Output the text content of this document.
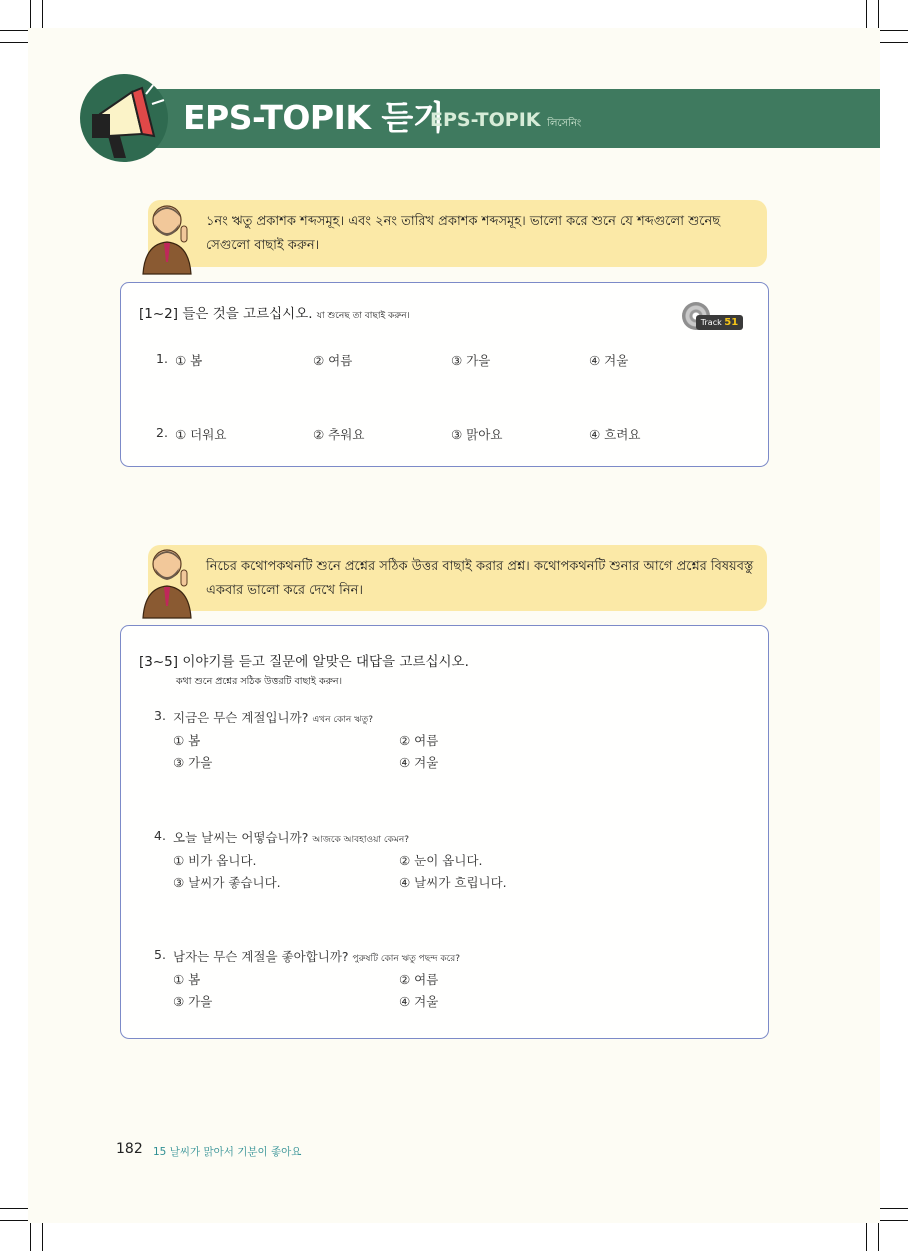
EPS-TOPIK 듣기
EPS-TOPIK লিসেনিং
১নং ঋতু প্রকাশক শব্দসমূহ। এবং ২নং তারিখ প্রকাশক শব্দসমূহ। ভালো করে শুনে যে শব্দগুলো শুনেছ সেগুলো বাছাই করুন।
[1~2] 들은 것을 고르십시오. যা শুনেছ তা বাছাই করুন।
Track 51
1. ① 봄	② 여름	③ 가을	④ 겨울
2. ① 더워요	② 추워요	③ 맑아요	④ 흐려요
নিচের কথোপকথনটি শুনে প্রশ্নের সঠিক উত্তর বাছাই করার প্রশ্ন। কথোপকথনটি শুনার আগে প্রশ্নের বিষয়বস্তু একবার ভালো করে দেখে নিন।
[3~5] 이야기를 듣고 질문에 알맞은 대답을 고르십시오.
কথা শুনে প্রশ্নের সঠিক উত্তরটি বাছাই করুন।
3. 지금은 무슨 계절입니까? এখন কোন ঋতু?
① 봄	② 여름
③ 가을	④ 겨울
4. 오늘 날씨는 어떻습니까? আজকে আবহাওয়া কেমন?
① 비가 옵니다.	② 눈이 옵니다.
③ 날씨가 좋습니다.	④ 날씨가 흐립니다.
5. 남자는 무슨 계절을 좋아합니까? পুরুষটি কোন ঋতু পছন্দ করে?
① 봄	② 여름
③ 가을	④ 겨울
182 15 날씨가 맑아서 기분이 좋아요
